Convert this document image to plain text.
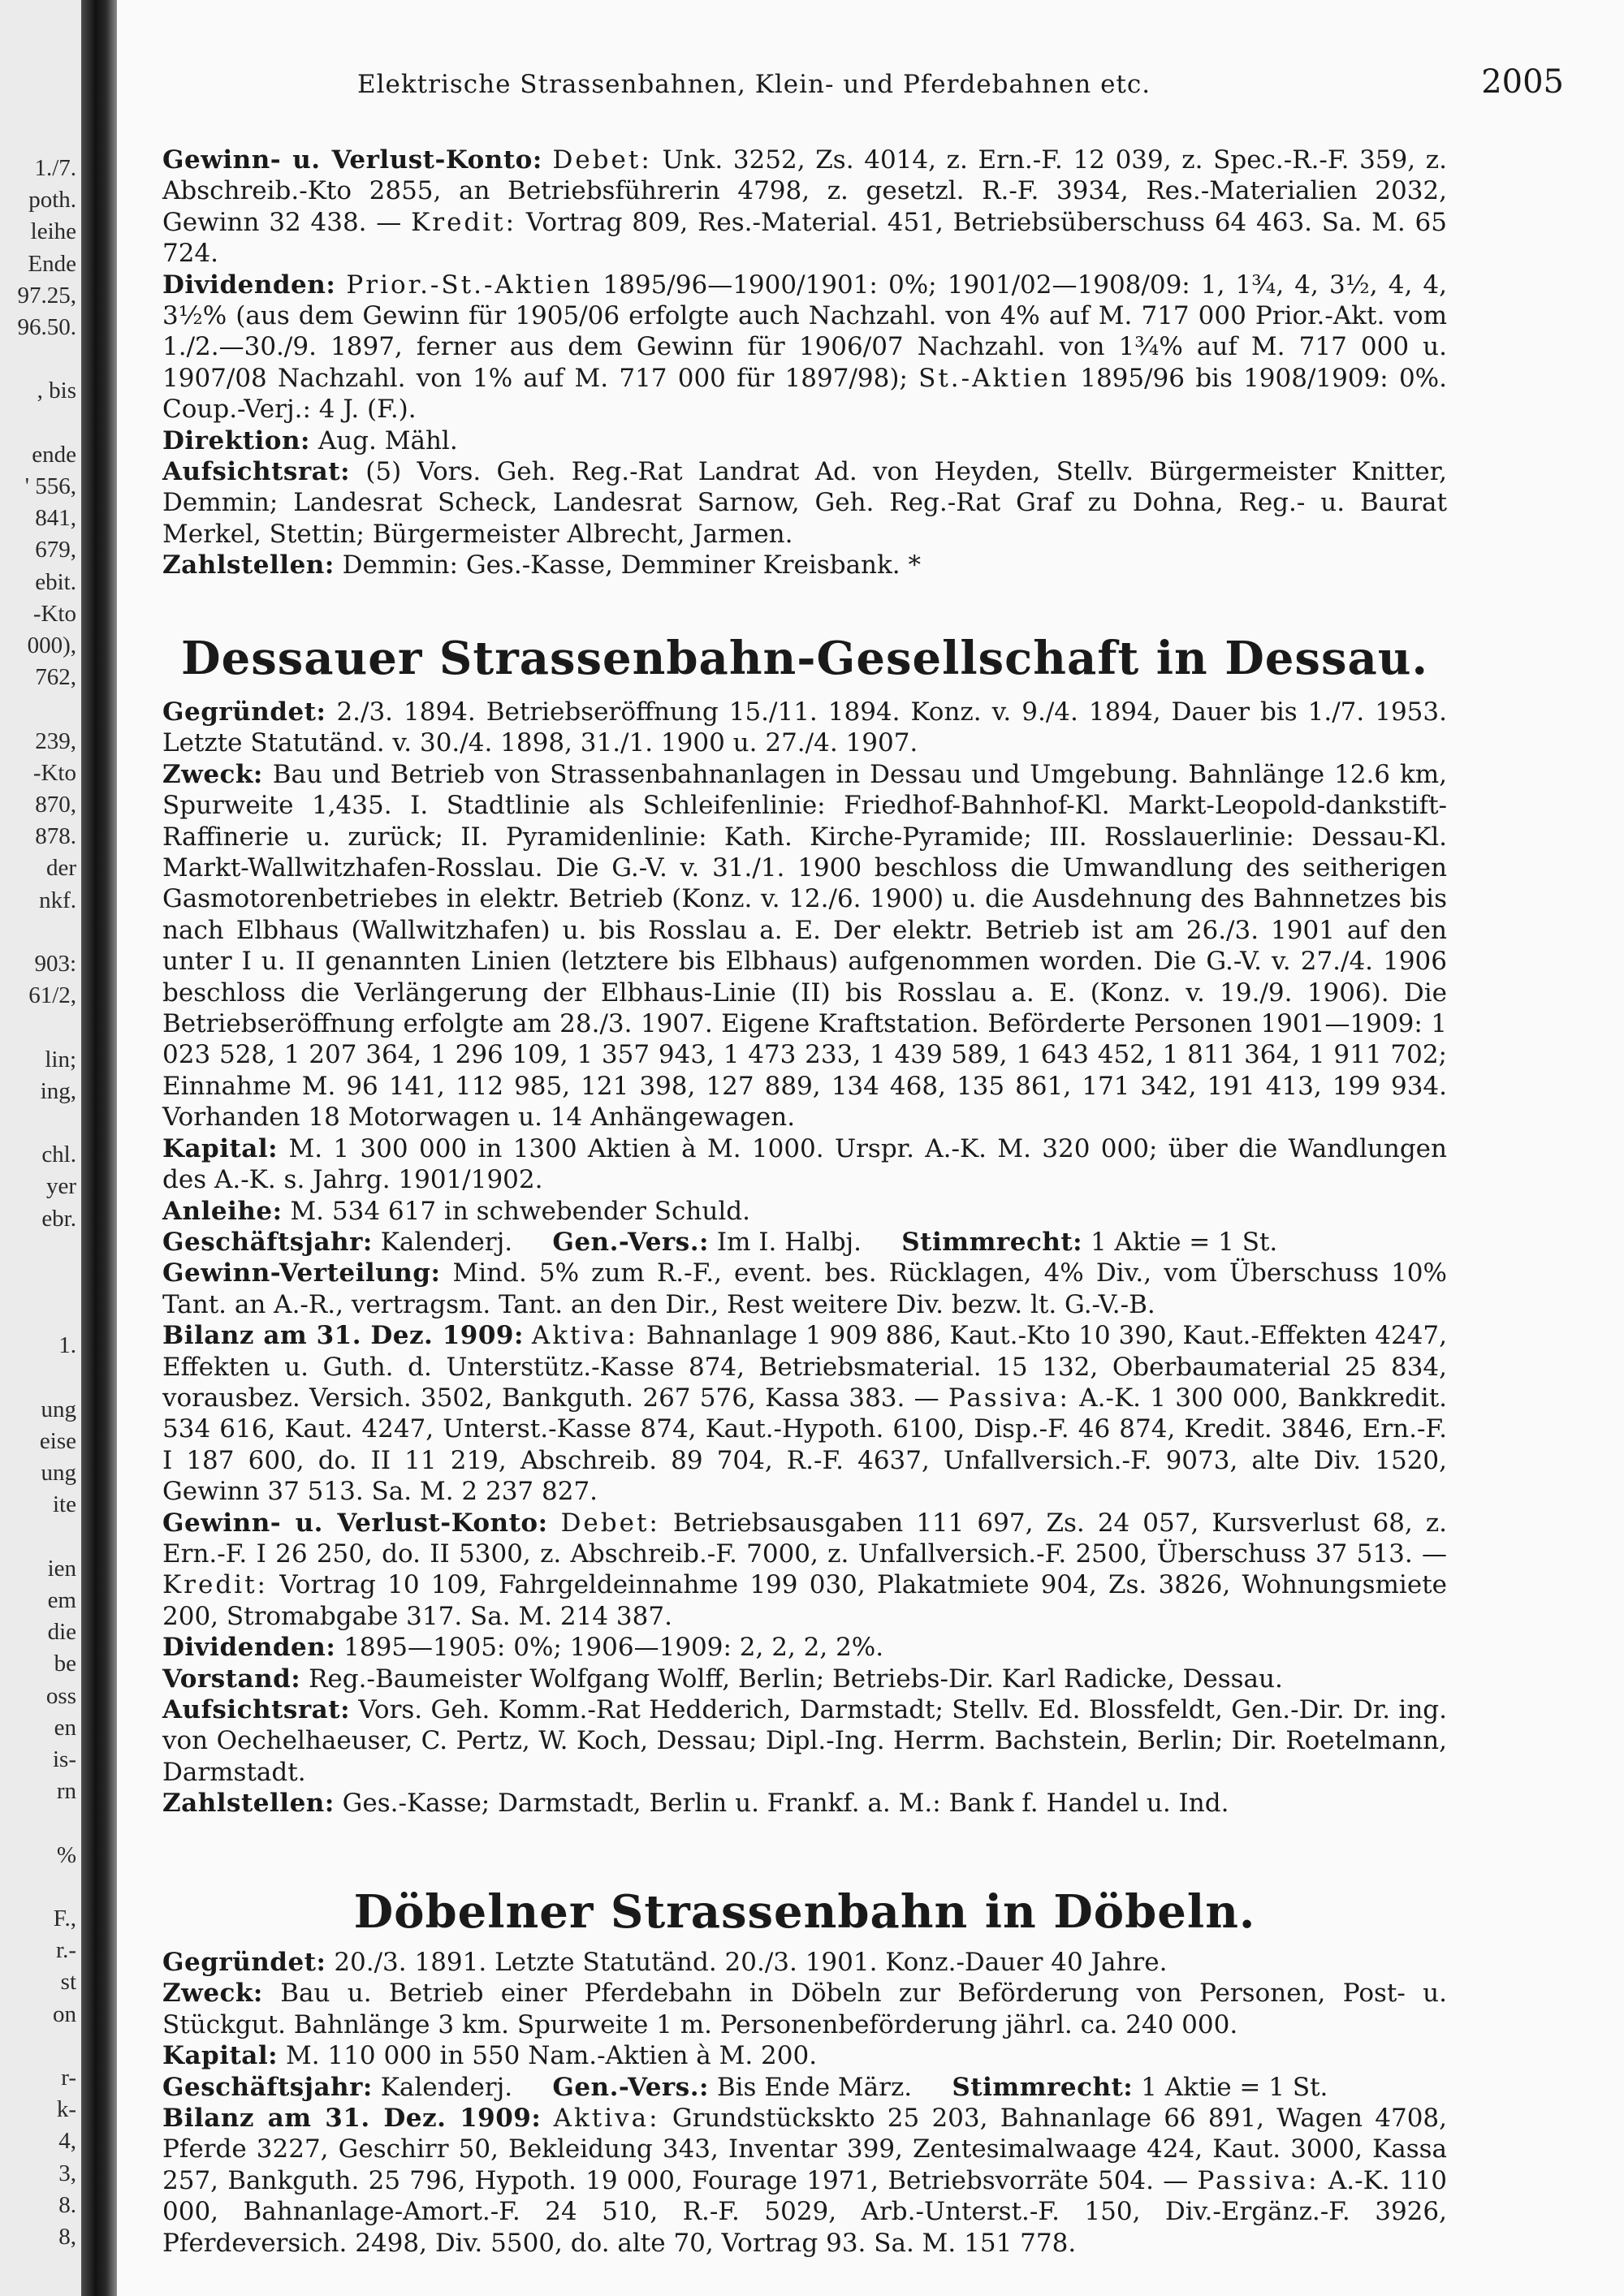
1./7.
poth.
leihe
Ende
97.25,
96.50.
, bis
ende
' 556,
841,
679,
ebit.
-Kto
000),
762,
239,
-Kto
870,
878.
der
nkf.
903:
61/2,
lin;
ing,
chl.
yer
ebr.
1.
ung
eise
ung
ite
ien
em
die
be
oss
en
is-
rn
%
F.,
r.-
st
on
r-
k-
4,
3,
8.
8,
Elektrische Strassenbahnen, Klein- und Pferdebahnen etc.	2005

Gewinn- u. Verlust-Konto: Debet: Unk. 3252, Zs. 4014, z. Ern.-F. 12 039, z. Spec.-R.-F. 359, z. Abschreib.-Kto 2855, an Betriebsführerin 4798, z. gesetzl. R.-F. 3934, Res.-Materialien 2032, Gewinn 32 438. — Kredit: Vortrag 809, Res.-Material. 451, Betriebsüberschuss 64 463. Sa. M. 65 724.

Dividenden: Prior.-St.-Aktien 1895/96—1900/1901: 0%; 1901/02—1908/09: 1, 1¾, 4, 3½, 4, 4, 3½% (aus dem Gewinn für 1905/06 erfolgte auch Nachzahl. von 4% auf M. 717 000 Prior.-Akt. vom 1./2.—30./9. 1897, ferner aus dem Gewinn für 1906/07 Nachzahl. von 1¾% auf M. 717 000 u. 1907/08 Nachzahl. von 1% auf M. 717 000 für 1897/98); St.-Aktien 1895/96 bis 1908/1909: 0%. Coup.-Verj.: 4 J. (F.).

Direktion: Aug. Mähl.

Aufsichtsrat: (5) Vors. Geh. Reg.-Rat Landrat Ad. von Heyden, Stellv. Bürgermeister Knitter, Demmin; Landesrat Scheck, Landesrat Sarnow, Geh. Reg.-Rat Graf zu Dohna, Reg.- u. Baurat Merkel, Stettin; Bürgermeister Albrecht, Jarmen.

Zahlstellen: Demmin: Ges.-Kasse, Demminer Kreisbank. *

Dessauer Strassenbahn-Gesellschaft in Dessau.

Gegründet: 2./3. 1894. Betriebseröffnung 15./11. 1894. Konz. v. 9./4. 1894, Dauer bis 1./7. 1953. Letzte Statutänd. v. 30./4. 1898, 31./1. 1900 u. 27./4. 1907.

Zweck: Bau und Betrieb von Strassenbahnanlagen in Dessau und Umgebung. Bahnlänge 12.6 km, Spurweite 1,435. I. Stadtlinie als Schleifenlinie: Friedhof-Bahnhof-Kl. Markt-Leopold-dankstift-Raffinerie u. zurück; II. Pyramidenlinie: Kath. Kirche-Pyramide; III. Rosslauerlinie: Dessau-Kl. Markt-Wallwitzhafen-Rosslau. Die G.-V. v. 31./1. 1900 beschloss die Umwandlung des seitherigen Gasmotorenbetriebes in elektr. Betrieb (Konz. v. 12./6. 1900) u. die Ausdehnung des Bahnnetzes bis nach Elbhaus (Wallwitzhafen) u. bis Rosslau a. E. Der elektr. Betrieb ist am 26./3. 1901 auf den unter I u. II genannten Linien (letztere bis Elbhaus) aufgenommen worden. Die G.-V. v. 27./4. 1906 beschloss die Verlängerung der Elbhaus-Linie (II) bis Rosslau a. E. (Konz. v. 19./9. 1906). Die Betriebseröffnung erfolgte am 28./3. 1907. Eigene Kraftstation. Beförderte Personen 1901—1909: 1 023 528, 1 207 364, 1 296 109, 1 357 943, 1 473 233, 1 439 589, 1 643 452, 1 811 364, 1 911 702; Einnahme M. 96 141, 112 985, 121 398, 127 889, 134 468, 135 861, 171 342, 191 413, 199 934. Vorhanden 18 Motorwagen u. 14 Anhängewagen.

Kapital: M. 1 300 000 in 1300 Aktien à M. 1000. Urspr. A.-K. M. 320 000; über die Wandlungen des A.-K. s. Jahrg. 1901/1902.

Anleihe: M. 534 617 in schwebender Schuld.

Geschäftsjahr: Kalenderj. Gen.-Vers.: Im I. Halbj. Stimmrecht: 1 Aktie = 1 St.

Gewinn-Verteilung: Mind. 5% zum R.-F., event. bes. Rücklagen, 4% Div., vom Überschuss 10% Tant. an A.-R., vertragsm. Tant. an den Dir., Rest weitere Div. bezw. lt. G.-V.-B.

Bilanz am 31. Dez. 1909: Aktiva: Bahnanlage 1 909 886, Kaut.-Kto 10 390, Kaut.-Effekten 4247, Effekten u. Guth. d. Unterstütz.-Kasse 874, Betriebsmaterial. 15 132, Oberbaumaterial 25 834, vorausbez. Versich. 3502, Bankguth. 267 576, Kassa 383. — Passiva: A.-K. 1 300 000, Bankkredit. 534 616, Kaut. 4247, Unterst.-Kasse 874, Kaut.-Hypoth. 6100, Disp.-F. 46 874, Kredit. 3846, Ern.-F. I 187 600, do. II 11 219, Abschreib. 89 704, R.-F. 4637, Unfallversich.-F. 9073, alte Div. 1520, Gewinn 37 513. Sa. M. 2 237 827.

Gewinn- u. Verlust-Konto: Debet: Betriebsausgaben 111 697, Zs. 24 057, Kursverlust 68, z. Ern.-F. I 26 250, do. II 5300, z. Abschreib.-F. 7000, z. Unfallversich.-F. 2500, Überschuss 37 513. — Kredit: Vortrag 10 109, Fahrgeldeinnahme 199 030, Plakatmiete 904, Zs. 3826, Wohnungsmiete 200, Stromabgabe 317. Sa. M. 214 387.

Dividenden: 1895—1905: 0%; 1906—1909: 2, 2, 2, 2%.

Vorstand: Reg.-Baumeister Wolfgang Wolff, Berlin; Betriebs-Dir. Karl Radicke, Dessau.

Aufsichtsrat: Vors. Geh. Komm.-Rat Hedderich, Darmstadt; Stellv. Ed. Blossfeldt, Gen.-Dir. Dr. ing. von Oechelhaeuser, C. Pertz, W. Koch, Dessau; Dipl.-Ing. Herrm. Bachstein, Berlin; Dir. Roetelmann, Darmstadt.

Zahlstellen: Ges.-Kasse; Darmstadt, Berlin u. Frankf. a. M.: Bank f. Handel u. Ind.

Döbelner Strassenbahn in Döbeln.

Gegründet: 20./3. 1891. Letzte Statutänd. 20./3. 1901. Konz.-Dauer 40 Jahre.

Zweck: Bau u. Betrieb einer Pferdebahn in Döbeln zur Beförderung von Personen, Post- u. Stückgut. Bahnlänge 3 km. Spurweite 1 m. Personenbeförderung jährl. ca. 240 000.

Kapital: M. 110 000 in 550 Nam.-Aktien à M. 200.

Geschäftsjahr: Kalenderj. Gen.-Vers.: Bis Ende März. Stimmrecht: 1 Aktie = 1 St.

Bilanz am 31. Dez. 1909: Aktiva: Grundstückskto 25 203, Bahnanlage 66 891, Wagen 4708, Pferde 3227, Geschirr 50, Bekleidung 343, Inventar 399, Zentesimalwaage 424, Kaut. 3000, Kassa 257, Bankguth. 25 796, Hypoth. 19 000, Fourage 1971, Betriebsvorräte 504. — Passiva: A.-K. 110 000, Bahnanlage-Amort.-F. 24 510, R.-F. 5029, Arb.-Unterst.-F. 150, Div.-Ergänz.-F. 3926, Pferdeversich. 2498, Div. 5500, do. alte 70, Vortrag 93. Sa. M. 151 778.
